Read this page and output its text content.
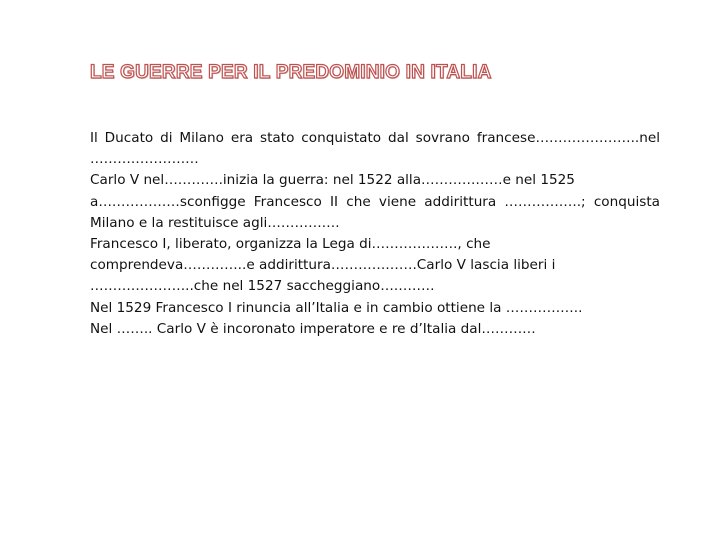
LE GUERRE PER IL PREDOMINIO IN ITALIA
Il Ducato di Milano era stato conquistato dal sovrano francese…………………..nel
……………………
Carlo V nel………….inizia la guerra: nel 1522 alla………………e nel 1525
a………………sconfigge Francesco II che viene addirittura ……………..; conquista
Milano e la restituisce agli…………….
Francesco I, liberato, organizza la Lega di………………., che
comprendeva…………..e addirittura……………….Carlo V lascia liberi i
…………………..che nel 1527 saccheggiano…………
Nel 1529 Francesco I rinuncia all’Italia e in cambio ottiene la ……………..
Nel …….. Carlo V è incoronato imperatore e re d’Italia dal…………
